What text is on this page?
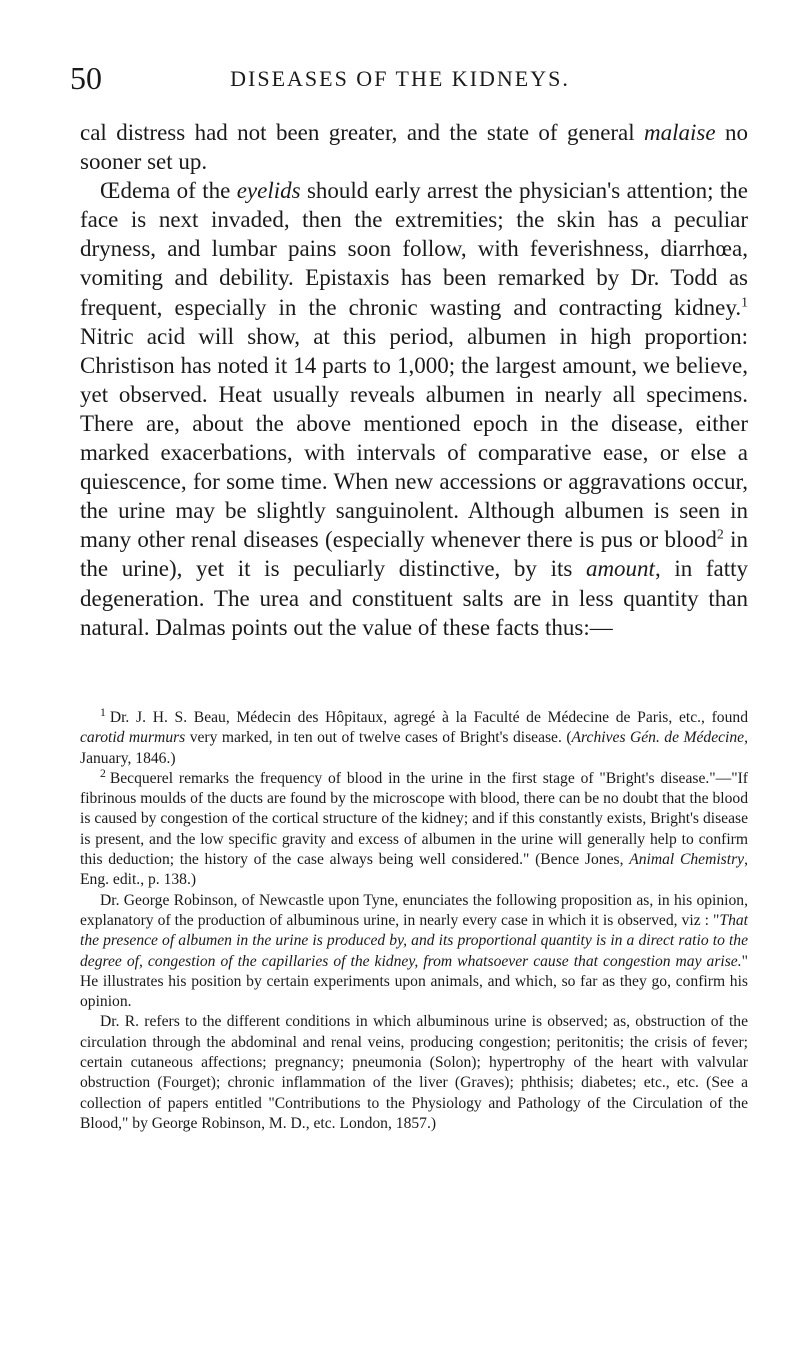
50	DISEASES OF THE KIDNEYS.

cal distress had not been greater, and the state of general malaise no sooner set up.

Œdema of the eyelids should early arrest the physician's attention; the face is next invaded, then the extremities; the skin has a peculiar dryness, and lumbar pains soon follow, with feverishness, diarrhœa, vomiting and debility. Epistaxis has been remarked by Dr. Todd as frequent, especially in the chronic wasting and contracting kidney.$^1$ Nitric acid will show, at this period, albumen in high proportion: Christison has noted it 14 parts to 1,000; the largest amount, we believe, yet observed. Heat usually reveals albumen in nearly all specimens. There are, about the above mentioned epoch in the disease, either marked exacerbations, with intervals of comparative ease, or else a quiescence, for some time. When new accessions or aggravations occur, the urine may be slightly sanguinolent. Although albumen is seen in many other renal diseases (especially whenever there is pus or blood$^2$ in the urine), yet it is peculiarly distinctive, by its amount, in fatty degeneration. The urea and constituent salts are in less quantity than natural. Dalmas points out the value of these facts thus:—

$^1$ Dr. J. H. S. Beau, Médecin des Hôpitaux, agregé à la Faculté de Médecine de Paris, etc., found carotid murmurs very marked, in ten out of twelve cases of Bright's disease. (Archives Gén. de Médecine, January, 1846.)

$^2$ Becquerel remarks the frequency of blood in the urine in the first stage of "Bright's disease."—"If fibrinous moulds of the ducts are found by the microscope with blood, there can be no doubt that the blood is caused by congestion of the cortical structure of the kidney; and if this constantly exists, Bright's disease is present, and the low specific gravity and excess of albumen in the urine will generally help to confirm this deduction; the history of the case always being well considered." (Bence Jones, Animal Chemistry, Eng. edit., p. 138.)

Dr. George Robinson, of Newcastle upon Tyne, enunciates the following proposition as, in his opinion, explanatory of the production of albuminous urine, in nearly every case in which it is observed, viz : "That the presence of albumen in the urine is produced by, and its proportional quantity is in a direct ratio to the degree of, congestion of the capillaries of the kidney, from whatsoever cause that congestion may arise." He illustrates his position by certain experiments upon animals, and which, so far as they go, confirm his opinion.

Dr. R. refers to the different conditions in which albuminous urine is observed; as, obstruction of the circulation through the abdominal and renal veins, producing congestion; peritonitis; the crisis of fever; certain cutaneous affections; pregnancy; pneumonia (Solon); hypertrophy of the heart with valvular obstruction (Fourget); chronic inflammation of the liver (Graves); phthisis; diabetes; etc., etc. (See a collection of papers entitled "Contributions to the Physiology and Pathology of the Circulation of the Blood," by George Robinson, M. D., etc. London, 1857.)
